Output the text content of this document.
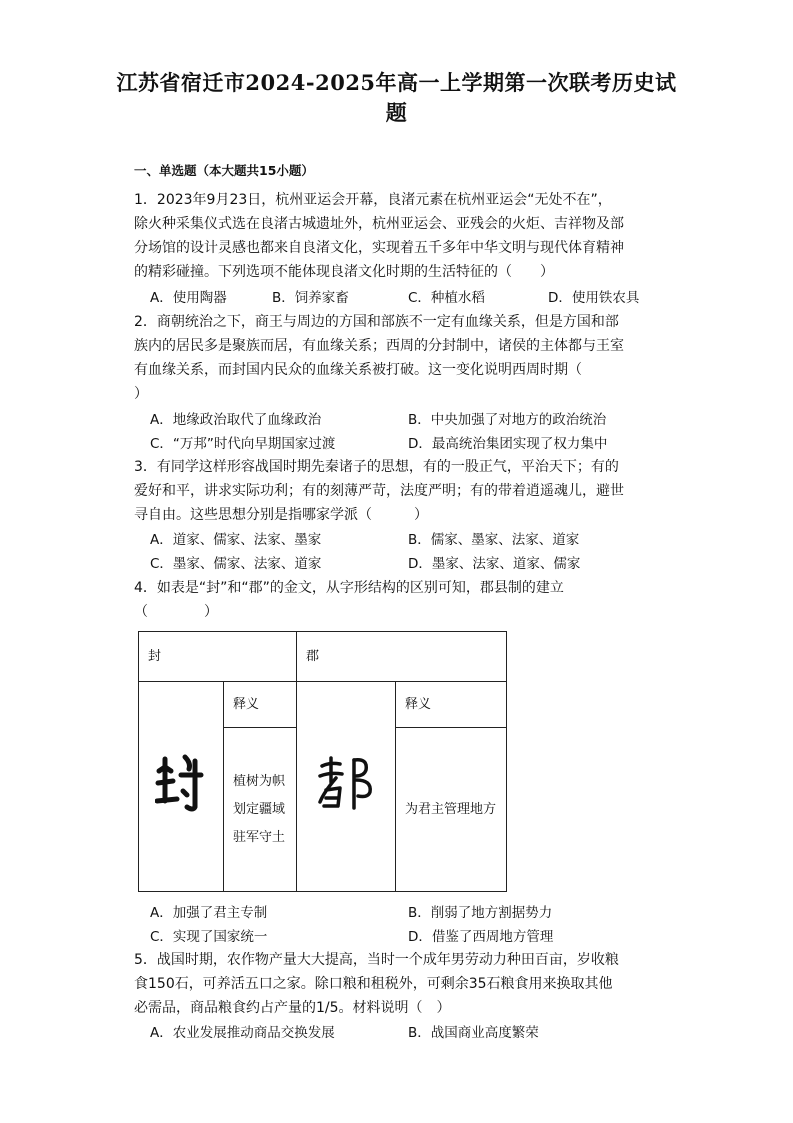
江苏省宿迁市2024-2025年高一上学期第一次联考历史试
题
一、单选题（本大题共15小题）

1．2023年9月23日，杭州亚运会开幕，良渚元素在杭州亚运会“无处不在”，

除火种采集仪式选在良渚古城遗址外，杭州亚运会、亚残会的火炬、吉祥物及部

分场馆的设计灵感也都来自良渚文化，实现着五千多年中华文明与现代体育精神

的精彩碰撞。下列选项不能体现良渚文化时期的生活特征的（　　）

A．使用陶器	B．饲养家畜	C．种植水稻	D．使用铁农具

2．商朝统治之下，商王与周边的方国和部族不一定有血缘关系，但是方国和部

族内的居民多是聚族而居，有血缘关系；西周的分封制中，诸侯的主体都与王室

有血缘关系，而封国内民众的血缘关系被打破。这一变化说明西周时期（

）

A．地缘政治取代了血缘政治	B．中央加强了对地方的政治统治
C．“万邦”时代向早期国家过渡	D．最高统治集团实现了权力集中

3．有同学这样形容战国时期先秦诸子的思想，有的一股正气，平治天下；有的

爱好和平，讲求实际功利；有的刻薄严苛，法度严明；有的带着逍遥魂儿，避世

寻自由。这些思想分别是指哪家学派（　　　）

A．道家、儒家、法家、墨家	B．儒家、墨家、法家、道家
C．墨家、儒家、法家、道家	D．墨家、法家、道家、儒家

4．如表是“封”和“郡”的金文，从字形结构的区别可知，郡县制的建立

（　　　　）

封		郡	
	释义		释义

	植树为帜
划定疆域
驻军守土		为君主管理地方
A．加强了君主专制	B．削弱了地方割据势力
C．实现了国家统一	D．借鉴了西周地方管理

5．战国时期，农作物产量大大提高，当时一个成年男劳动力种田百亩，岁收粮

食150石，可养活五口之家。除口粮和租税外，可剩余35石粮食用来换取其他

必需品，商品粮食约占产量的1/5。材料说明（　）

A．农业发展推动商品交换发展	B．战国商业高度繁荣
